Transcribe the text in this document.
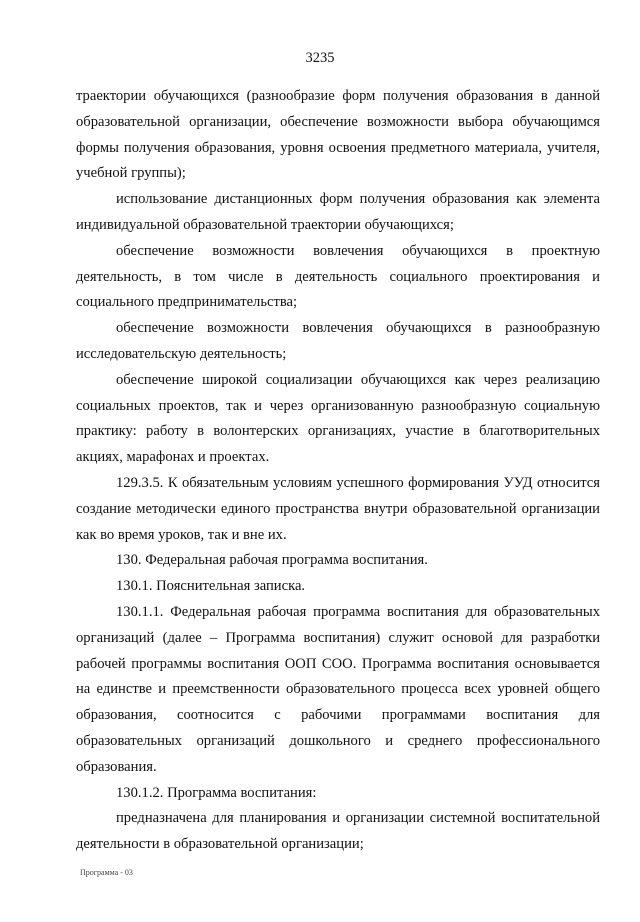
3235

траектории обучающихся (разнообразие форм получения образования в данной образовательной организации, обеспечение возможности выбора обучающимся формы получения образования, уровня освоения предметного материала, учителя, учебной группы);

использование дистанционных форм получения образования как элемента индивидуальной образовательной траектории обучающихся;

обеспечение возможности вовлечения обучающихся в проектную деятельность, в том числе в деятельность социального проектирования и социального предпринимательства;

обеспечение возможности вовлечения обучающихся в разнообразную исследовательскую деятельность;

обеспечение широкой социализации обучающихся как через реализацию социальных проектов, так и через организованную разнообразную социальную практику: работу в волонтерских организациях, участие в благотворительных акциях, марафонах и проектах.

129.3.5. К обязательным условиям успешного формирования УУД относится создание методически единого пространства внутри образовательной организации как во время уроков, так и вне их.

130. Федеральная рабочая программа воспитания.

130.1. Пояснительная записка.

130.1.1. Федеральная рабочая программа воспитания для образовательных организаций (далее – Программа воспитания) служит основой для разработки рабочей программы воспитания ООП СОО. Программа воспитания основывается на единстве и преемственности образовательного процесса всех уровней общего образования, соотносится с рабочими программами воспитания для образовательных организаций дошкольного и среднего профессионального образования.

130.1.2. Программа воспитания:

предназначена для планирования и организации системной воспитательной деятельности в образовательной организации;

Программа - 03
